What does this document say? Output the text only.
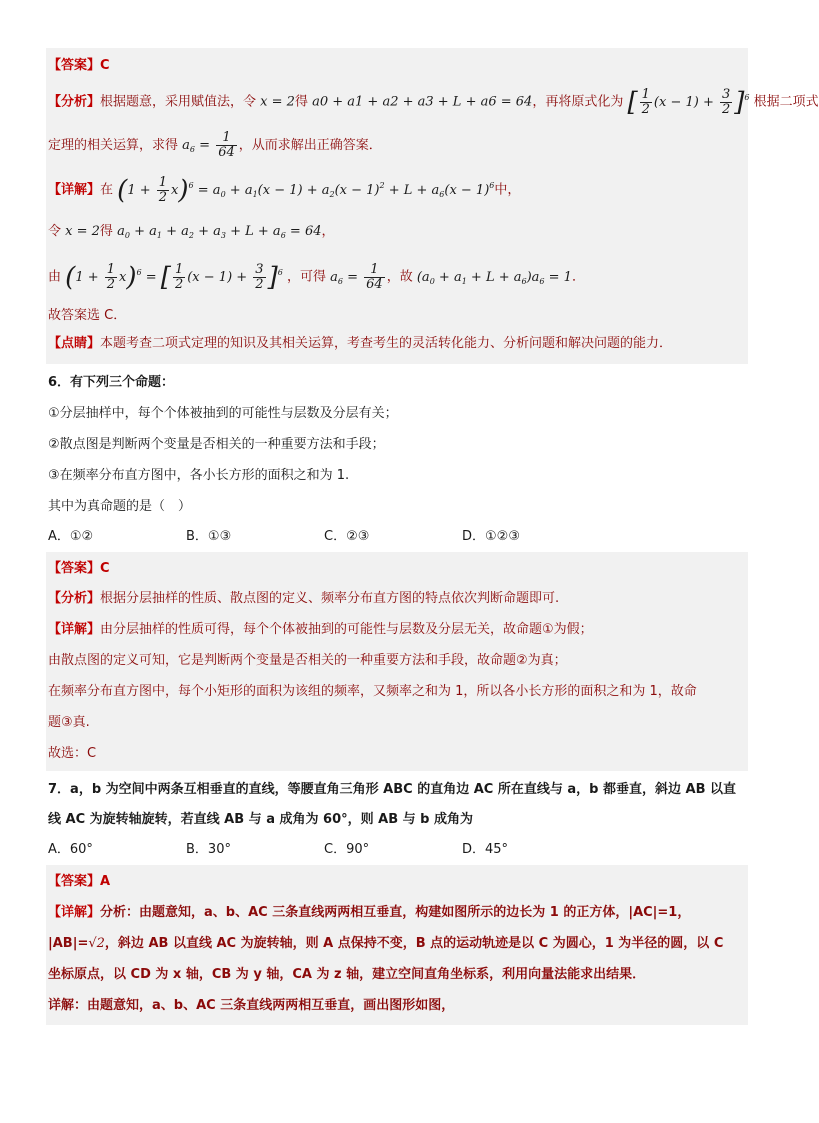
【答案】C
【分析】根据题意，采用赋值法，令 x = 2得 a0 + a1 + a2 + a3 + L + a6 = 64，再将原式化为 [ $\frac{1}{2} (x - 1) + \frac{3}{2} ]^6$ 根据二项式
定理的相关运算，求得 $a_6 = \frac{1}{64}$ ，从而求解出正确答案．
【详解】在 $(1 + \frac{1}{2} x)^6 = a_0 + a_1(x - 1) + a_2(x - 1)^2 + L + a_6(x - 1)^6$中，
令 x = 2得 $a_0 + a_1 + a_2 + a_3 + L + a_6 = 64$，
由 $(1 + \frac{1}{2} x)^6$ = [ $\frac{1}{2} (x - 1) + \frac{3}{2} ]^6$ ，可得 $a_6 = \frac{1}{64}$ ，故 $(a_0 + a_1 + L + a_6)a_6 = 1$．
故答案选 C．
【点睛】本题考查二项式定理的知识及其相关运算，考查考生的灵活转化能力、分析问题和解决问题的能力．
6．有下列三个命题：
①分层抽样中，每个个体被抽到的可能性与层数及分层有关；
②散点图是判断两个变量是否相关的一种重要方法和手段；
③在频率分布直方图中，各小长方形的面积之和为 1.
其中为真命题的是（　）
A．①②	B．①③	C．②③	D．①②③
【答案】C
【分析】根据分层抽样的性质、散点图的定义、频率分布直方图的特点依次判断命题即可.
【详解】由分层抽样的性质可得，每个个体被抽到的可能性与层数及分层无关，故命题①为假；
由散点图的定义可知，它是判断两个变量是否相关的一种重要方法和手段，故命题②为真；
在频率分布直方图中，每个小矩形的面积为该组的频率，又频率之和为 1，所以各小长方形的面积之和为 1，故命
题③真.
故选：C
7．a，b 为空间中两条互相垂直的直线，等腰直角三角形 ABC 的直角边 AC 所在直线与 a，b 都垂直，斜边 AB 以直
线 AC 为旋转轴旋转，若直线 AB 与 a 成角为 60°，则 AB 与 b 成角为
A．60°	B．30°	C．90°	D．45°
【答案】A
【详解】分析：由题意知，a、b、AC 三条直线两两相互垂直，构建如图所示的边长为 1 的正方体，|AC|=1，
|AB|=√2，斜边 AB 以直线 AC 为旋转轴，则 A 点保持不变，B 点的运动轨迹是以 C 为圆心，1 为半径的圆，以 C
坐标原点，以 CD 为 x 轴，CB 为 y 轴，CA 为 z 轴，建立空间直角坐标系，利用向量法能求出结果．
详解：由题意知，a、b、AC 三条直线两两相互垂直，画出图形如图，
